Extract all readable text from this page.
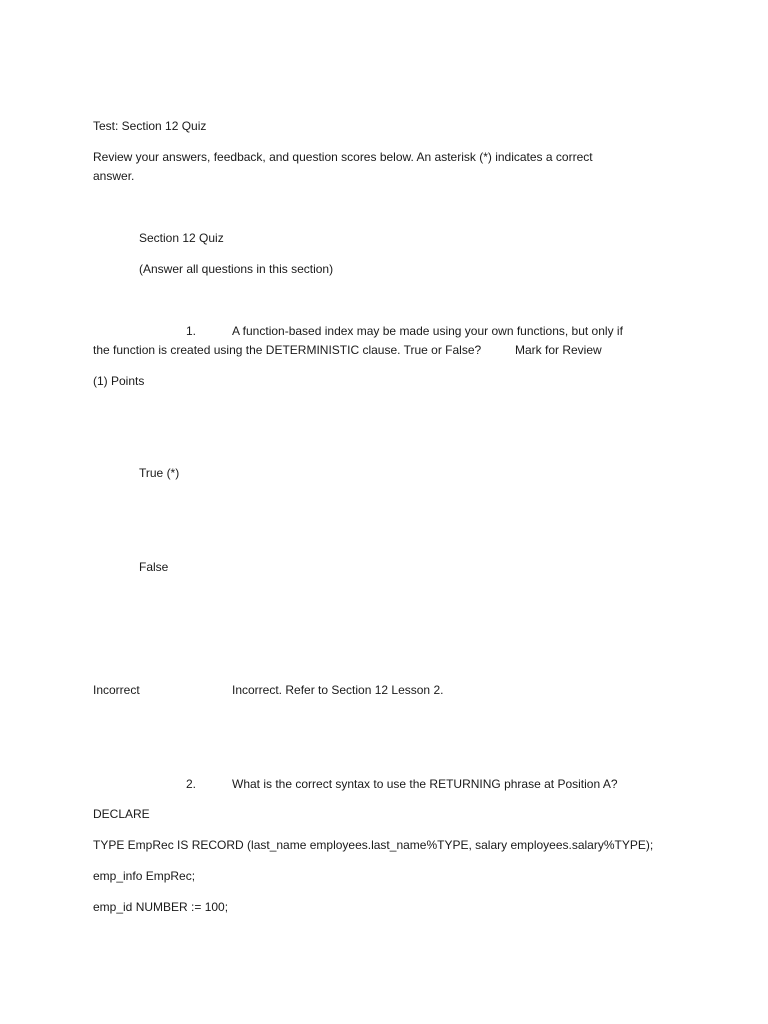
Test: Section 12 Quiz
Review your answers, feedback, and question scores below. An asterisk (*) indicates a correct
answer.
Section 12 Quiz
(Answer all questions in this section)
1.	A function-based index may be made using your own functions, but only if
the function is created using the DETERMINISTIC clause. True or False?	Mark for Review
(1) Points
True (*)
False
Incorrect	Incorrect. Refer to Section 12 Lesson 2.
2.	What is the correct syntax to use the RETURNING phrase at Position A?
DECLARE
TYPE EmpRec IS RECORD (last_name employees.last_name%TYPE, salary employees.salary%TYPE);
emp_info EmpRec;
emp_id NUMBER := 100;
